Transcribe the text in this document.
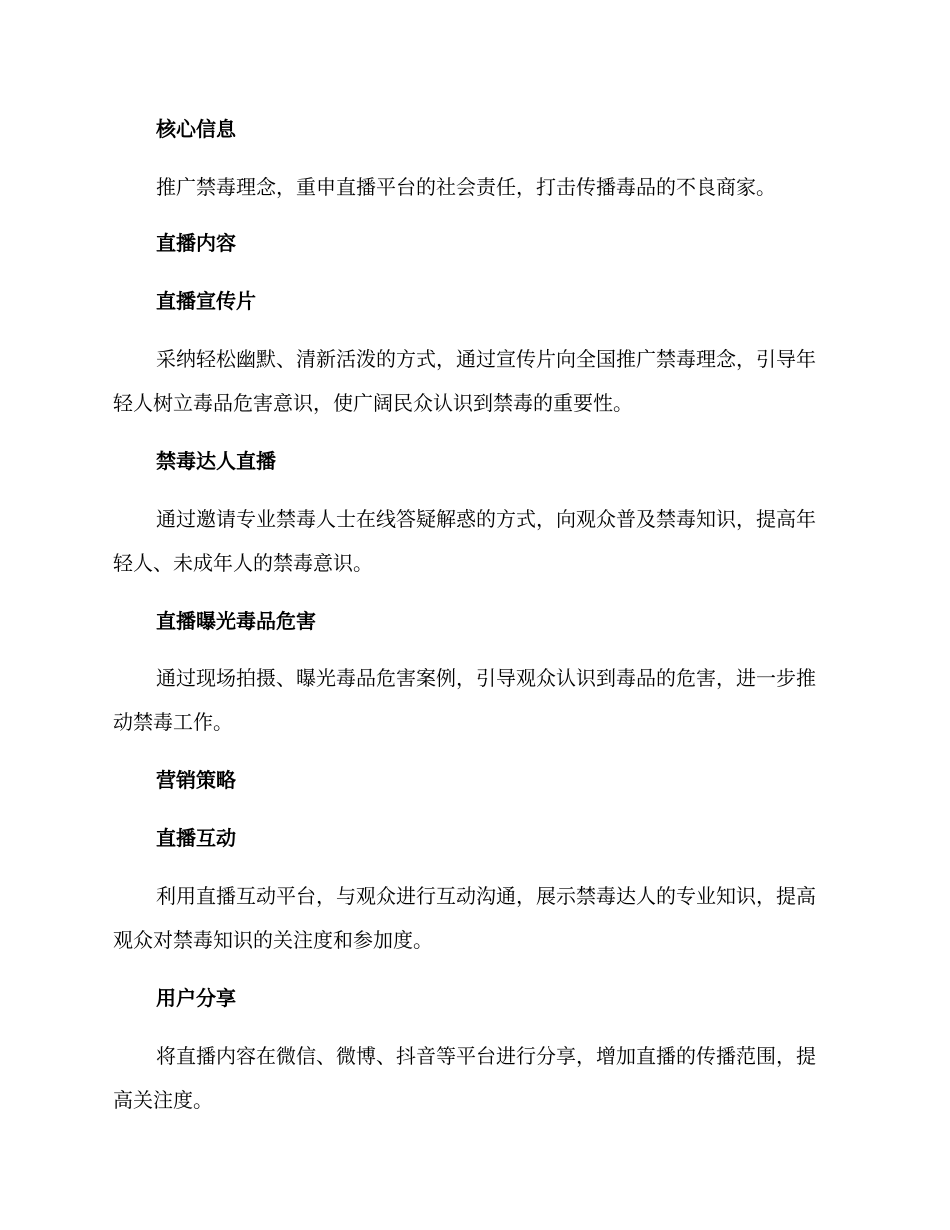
核心信息

推广禁毒理念，重申直播平台的社会责任，打击传播毒品的不良商家。

直播内容
直播宣传片

采纳轻松幽默、清新活泼的方式，通过宣传片向全国推广禁毒理念，引导年轻人树立毒品危害意识，使广阔民众认识到禁毒的重要性。

禁毒达人直播

通过邀请专业禁毒人士在线答疑解惑的方式，向观众普及禁毒知识，提高年轻人、未成年人的禁毒意识。

直播曝光毒品危害

通过现场拍摄、曝光毒品危害案例，引导观众认识到毒品的危害，进一步推动禁毒工作。

营销策略
直播互动

利用直播互动平台，与观众进行互动沟通，展示禁毒达人的专业知识，提高观众对禁毒知识的关注度和参加度。

用户分享

将直播内容在微信、微博、抖音等平台进行分享，增加直播的传播范围，提高关注度。
